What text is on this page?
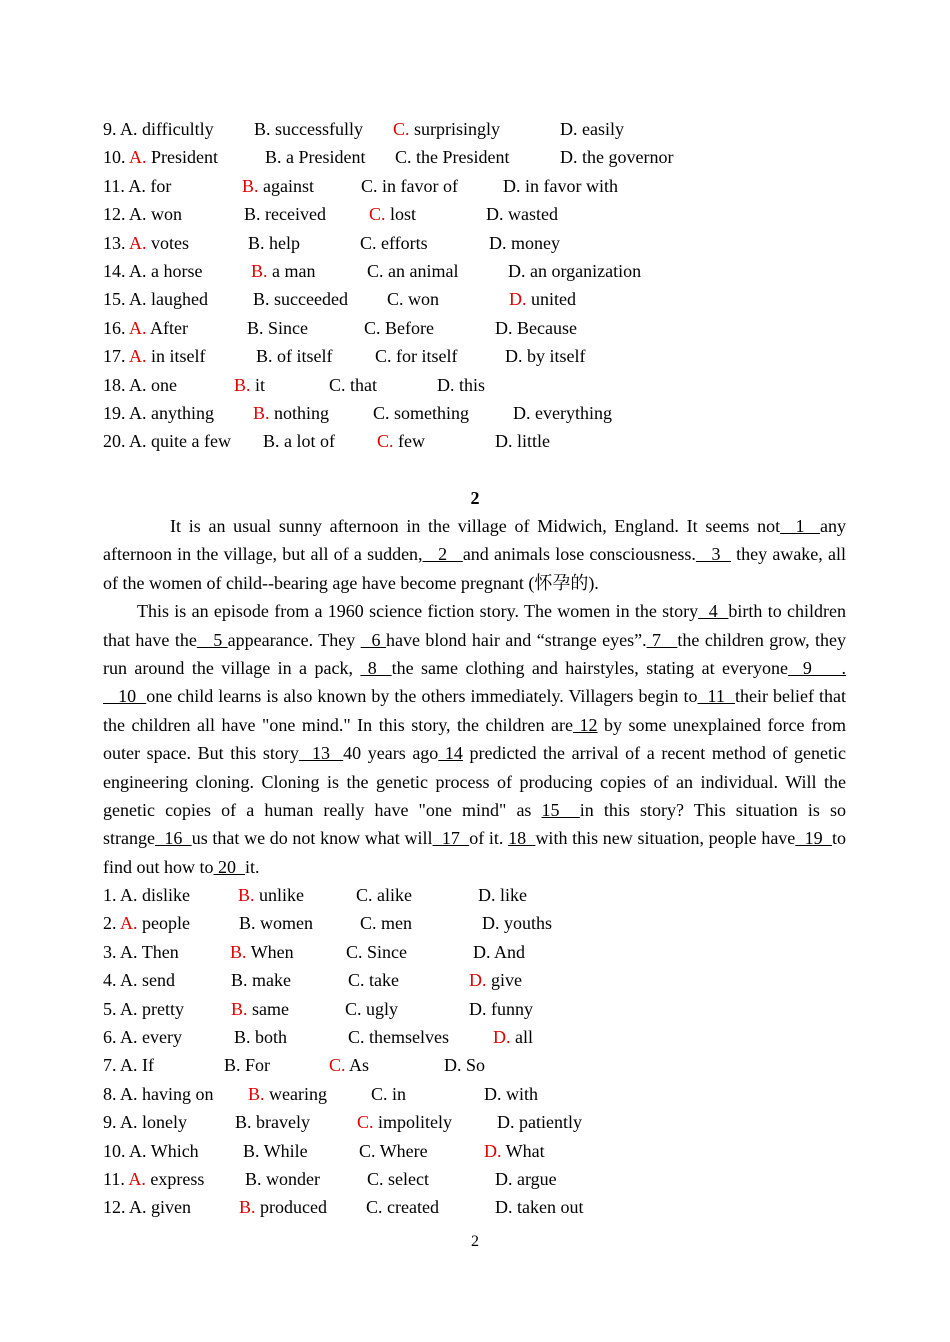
9. A. difficultly B. successfully C. surprisingly	D. easily
10. A. President	B. a President C. the President	D. the governor
11. A. for	B. against	C. in favor of	D. in favor with
12. A. won	B. received C. lost	D. wasted
13. A. votes	B. help	C. efforts	D. money
14. A. a horse	B. a man	C. an animal	D. an organization
15. A. laughed	B. succeeded C. won	D. united
16. A. After	B. Since	C. Before	D. Because
17. A. in itself	B. of itself C. for itself	D. by itself
18. A. one	B. it	C. that	D. this
19. A. anything B. nothing C. something D. everything
20. A. quite a few B. a lot of C. few	D. little
2

It is an usual sunny afternoon in the village of Midwich, England. It seems not  1  any afternoon in the village, but all of a sudden,   2   and animals lose consciousness.   3   they awake, all of the women of child--bearing age have become pregnant (怀孕的).

This is an episode from a 1960 science fiction story. The women in the story  4  birth to children that have the   5 appearance. They   6 have blond hair and “strange eyes”. 7   the children grow, they run around the village in a pack,  8  the same clothing and hairstyles, stating at everyone  9    .    10  one child learns is also known by the others immediately. Villagers begin to  11  their belief that the children all have "one mind." In this story, the children are 12 by some unexplained force from outer space. But this story  13  40 years ago 14 predicted the arrival of a recent method of genetic engineering cloning. Cloning is the genetic process of producing copies of an individual. Will the genetic copies of a human really have "one mind" as 15  in this story? This situation is so strange  16  us that we do not know what will  17  of it. 18  with this new situation, people have  19  to find out how to 20  it.

1. A. dislike	B. unlike	C. alike	D. like
2. A. people	B. women	C. men	D. youths
3. A. Then	B. When	C. Since	D. And
4. A. send	B. make	C. take	D. give
5. A. pretty	B. same	C. ugly	D. funny
6. A. every	B. both	C. themselves D. all
7. A. If	B. For	C. As	D. So
8. A. having on B. wearing C. in	D. with
9. A. lonely	B. bravely	C. impolitely D. patiently
10. A. Which B. While	C. Where	D. What
11. A. express B. wonder	C. select	D. argue
12. A. given	B. produced C. created	D. taken out
2
